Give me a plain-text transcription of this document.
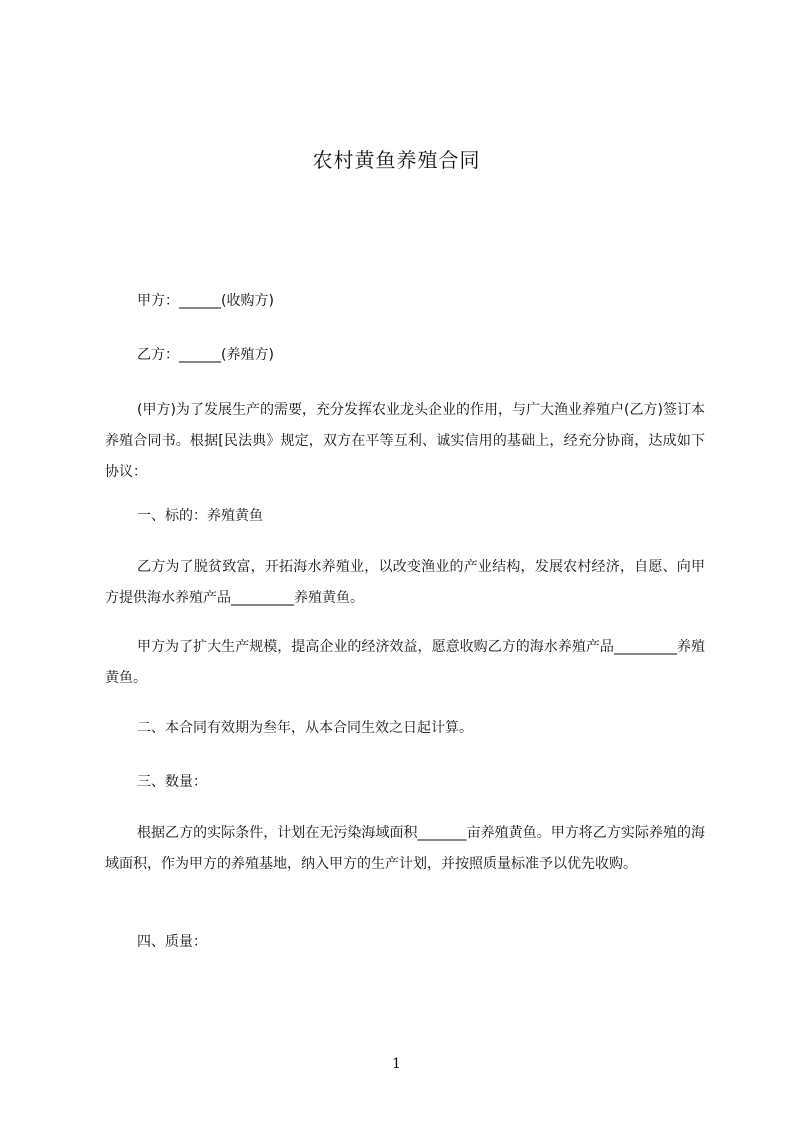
农村黄鱼养殖合同
甲方：______(收购方)
乙方：______(养殖方)

(甲方)为了发展生产的需要，充分发挥农业龙头企业的作用，与广大渔业养殖户(乙方)签订本养殖合同书。根据[民法典》规定，双方在平等互利、诚实信用的基础上，经充分协商，达成如下协议：

一、标的：养殖黄鱼

乙方为了脱贫致富，开拓海水养殖业，以改变渔业的产业结构，发展农村经济，自愿、向甲方提供海水养殖产品_________养殖黄鱼。

甲方为了扩大生产规模，提高企业的经济效益，愿意收购乙方的海水养殖产品_________养殖黄鱼。

二、本合同有效期为叁年，从本合同生效之日起计算。
三、数量：

根据乙方的实际条件，计划在无污染海域面积_______亩养殖黄鱼。甲方将乙方实际养殖的海域面积，作为甲方的养殖基地，纳入甲方的生产计划，并按照质量标准予以优先收购。

四、质量：
1
